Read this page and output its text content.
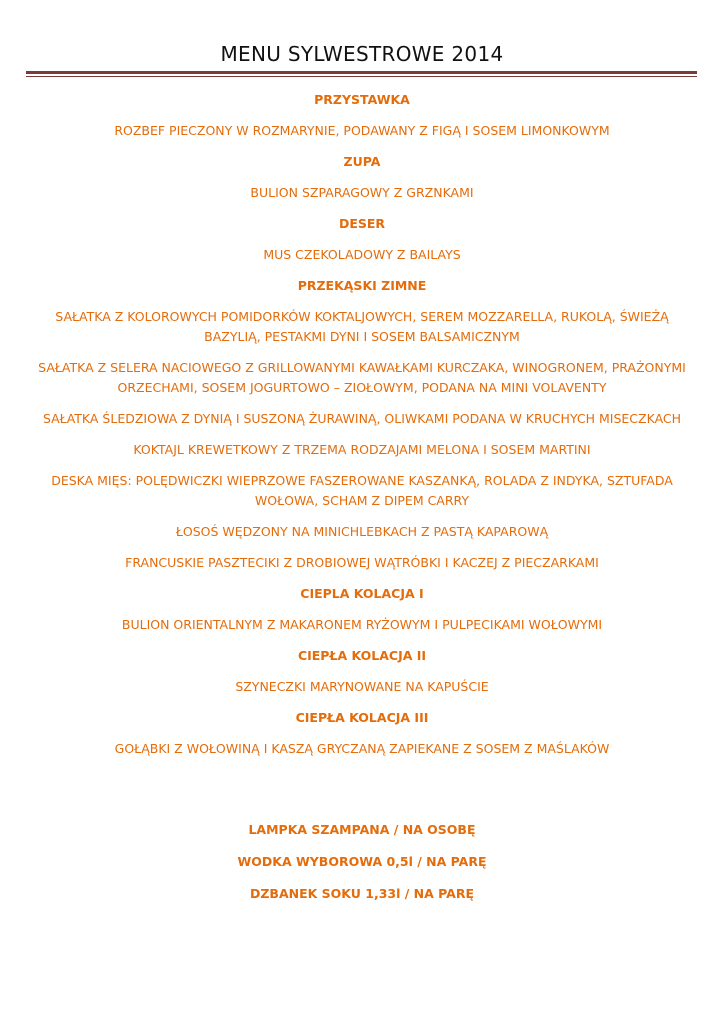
MENU SYLWESTROWE 2014

PRZYSTAWKA

ROZBEF PIECZONY W ROZMARYNIE, PODAWANY Z FIGĄ I SOSEM LIMONKOWYM

ZUPA

BULION SZPARAGOWY Z GRZNKAMI

DESER

MUS CZEKOLADOWY Z BAILAYS

PRZEKĄSKI ZIMNE

SAŁATKA Z KOLOROWYCH POMIDORKÓW KOKTALJOWYCH, SEREM MOZZARELLA, RUKOLĄ, ŚWIEŻĄ BAZYLIĄ, PESTAKMI DYNI I SOSEM BALSAMICZNYM

SAŁATKA Z SELERA NACIOWEGO Z GRILLOWANYMI KAWAŁKAMI KURCZAKA, WINOGRONEM, PRAŻONYMI ORZECHAMI, SOSEM JOGURTOWO – ZIOŁOWYM, PODANA NA MINI VOLAVENTY

SAŁATKA ŚLEDZIOWA Z DYNIĄ I SUSZONĄ ŻURAWINĄ, OLIWKAMI PODANA W KRUCHYCH MISECZKACH

KOKTAJL KREWETKOWY Z TRZEMA RODZAJAMI MELONA I SOSEM MARTINI

DESKA MIĘS: POLĘDWICZKI WIEPRZOWE FASZEROWANE KASZANKĄ, ROLADA Z INDYKA, SZTUFADA WOŁOWA, SCHAM Z DIPEM CARRY

ŁOSOŚ WĘDZONY NA MINICHLEBKACH Z PASTĄ KAPAROWĄ

FRANCUSKIE PASZTECIKI Z DROBIOWEJ WĄTRÓBKI I KACZEJ Z PIECZARKAMI

CIEPLA KOLACJA I

BULION ORIENTALNYM Z MAKARONEM RYŻOWYM I PULPECIKAMI WOŁOWYMI

CIEPŁA KOLACJA II

SZYNECZKI MARYNOWANE NA KAPUŚCIE

CIEPŁA KOLACJA III

GOŁĄBKI Z WOŁOWINĄ I KASZĄ GRYCZANĄ ZAPIEKANE Z SOSEM Z MAŚLAKÓW

LAMPKA SZAMPANA / NA OSOBĘ

WODKA WYBOROWA 0,5l / NA PARĘ

DZBANEK SOKU 1,33l / NA PARĘ
